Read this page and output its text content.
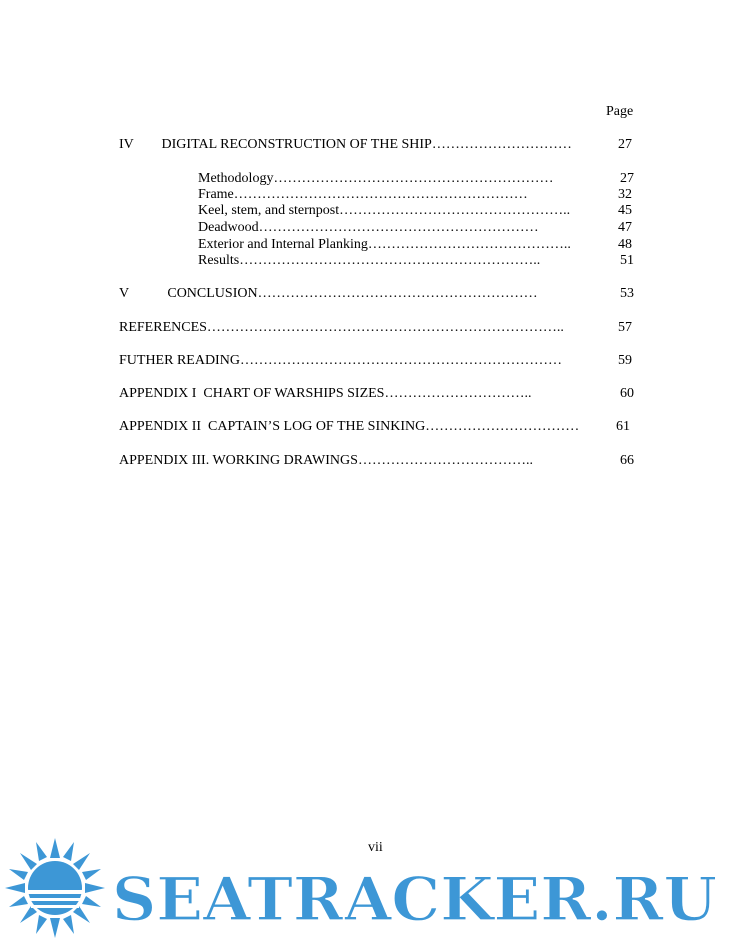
Page
IV        DIGITAL RECONSTRUCTION OF THE SHIP…………………………	27
Methodology……………………………………………………	27
Frame………………………………………………………	32
Keel, stem, and sternpost…………………………………………..	45
Deadwood……………………………………………………	47
Exterior and Internal Planking……………………………………..	48
Results………………………………………………………..	51
V           CONCLUSION……………………………………………………	53
REFERENCES…………………………………………………………………..	57
FUTHER READING……………………………………………………………	59
APPENDIX I  CHART OF WARSHIPS SIZES…………………………..	60
APPENDIX II  CAPTAIN’S LOG OF THE SINKING……………………………	61
APPENDIX III. WORKING DRAWINGS………………………………..	66
vii
SEATRACKER.RU
